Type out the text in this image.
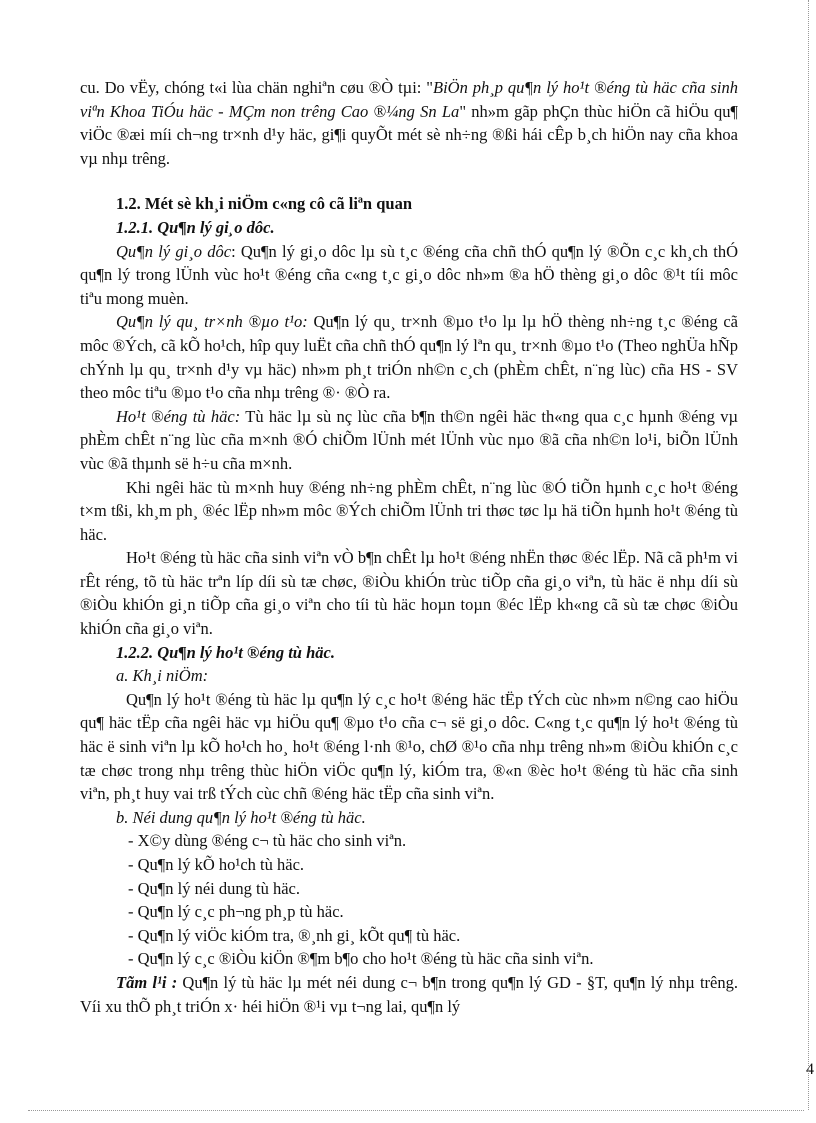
cu. Do vËy, chóng t«i lùa chän nghiªn cøu ®Ò tµi: "BiÖn ph¸p qu¶n lý ho¹t ®éng tù häc cña sinh viªn Khoa TiÓu häc - MÇm non trêng Cao ®¼ng Sn La" nh»m gãp phÇn thùc hiÖn cã hiÖu qu¶ viÖc ®æi míi ch¬ng tr×nh d¹y häc, gi¶i quyÕt mét sè nh÷ng ®ßi hái cÊp b¸ch hiÖn nay cña khoa vµ nhµ trêng.

1.2. Mét sè kh¸i niÖm c«ng cô cã liªn quan

1.2.1. Qu¶n lý gi¸o dôc.

Qu¶n lý gi¸o dôc: Qu¶n lý gi¸o dôc lµ sù t¸c ®éng cña chñ thÓ qu¶n lý ®Õn c¸c kh¸ch thÓ qu¶n lý trong lÜnh vùc ho¹t ®éng cña c«ng t¸c gi¸o dôc nh»m ®a hÖ thèng gi¸o dôc ®¹t tíi môc tiªu mong muèn.

Qu¶n lý qu¸ tr×nh ®µo t¹o: Qu¶n lý qu¸ tr×nh ®µo t¹o lµ lµ hÖ thèng nh÷ng t¸c ®éng cã môc ®Ých, cã kÕ ho¹ch, hîp quy luËt cña chñ thÓ qu¶n lý lªn qu¸ tr×nh ®µo t¹o (Theo nghÜa hÑp chÝnh lµ qu¸ tr×nh d¹y vµ häc) nh»m ph¸t triÓn nh©n c¸ch (phÈm chÊt, n¨ng lùc) cña HS - SV theo môc tiªu ®µo t¹o cña nhµ trêng ®· ®Ò ra.

Ho¹t ®éng tù häc: Tù häc lµ sù nç lùc cña b¶n th©n ngêi häc th«ng qua c¸c hµnh ®éng vµ phÈm chÊt n¨ng lùc cña m×nh ®Ó chiÕm lÜnh mét lÜnh vùc nµo ®ã cña nh©n lo¹i, biÕn lÜnh vùc ®ã thµnh së h÷u cña m×nh.

Khi ngêi häc tù m×nh huy ®éng nh÷ng phÈm chÊt, n¨ng lùc ®Ó tiÕn hµnh c¸c ho¹t ®éng t×m tßi, kh¸m ph¸ ®éc lËp nh»m môc ®Ých chiÕm lÜnh tri thøc tøc lµ hä tiÕn hµnh ho¹t ®éng tù häc.

Ho¹t ®éng tù häc cña sinh viªn vÒ b¶n chÊt lµ ho¹t ®éng nhËn thøc ®éc lËp. Nã cã ph¹m vi rÊt réng, tõ tù häc trªn líp díi sù tæ chøc, ®iÒu khiÓn trùc tiÕp cña gi¸o viªn, tù häc ë nhµ díi sù ®iÒu khiÓn gi¸n tiÕp cña gi¸o viªn cho tíi tù häc hoµn toµn ®éc lËp kh«ng cã sù tæ chøc ®iÒu khiÓn cña gi¸o viªn.

1.2.2. Qu¶n lý ho¹t ®éng tù häc.

a. Kh¸i niÖm:

Qu¶n lý ho¹t ®éng tù häc lµ qu¶n lý c¸c ho¹t ®éng häc tËp tÝch cùc nh»m n©ng cao hiÖu qu¶ häc tËp cña ngêi häc vµ hiÖu qu¶ ®µo t¹o cña c¬ së gi¸o dôc. C«ng t¸c qu¶n lý ho¹t ®éng tù häc ë sinh viªn lµ kÕ ho¹ch ho¸ ho¹t ®éng l·nh ®¹o, chØ ®¹o cña nhµ trêng nh»m ®iÒu khiÓn c¸c tæ chøc trong nhµ trêng thùc hiÖn viÖc qu¶n lý, kiÓm tra, ®«n ®èc ho¹t ®éng tù häc cña sinh viªn, ph¸t huy vai trß tÝch cùc chñ ®éng häc tËp cña sinh viªn.

b. Néi dung qu¶n lý ho¹t ®éng tù häc.

- X©y dùng ®éng c¬ tù häc cho sinh viªn.
- Qu¶n lý kÕ ho¹ch tù häc.
- Qu¶n lý néi dung tù häc.
- Qu¶n lý c¸c ph¬ng ph¸p tù häc.
- Qu¶n lý viÖc kiÓm tra, ®¸nh gi¸ kÕt qu¶ tù häc.
- Qu¶n lý c¸c ®iÒu kiÖn ®¶m b¶o cho ho¹t ®éng tù häc cña sinh viªn.

Tãm l¹i : Qu¶n lý tù häc lµ mét néi dung c¬ b¶n trong qu¶n lý GD - §T, qu¶n lý nhµ trêng. Víi xu thÕ ph¸t triÓn x· héi hiÖn ®¹i vµ t¬ng lai, qu¶n lý

4
